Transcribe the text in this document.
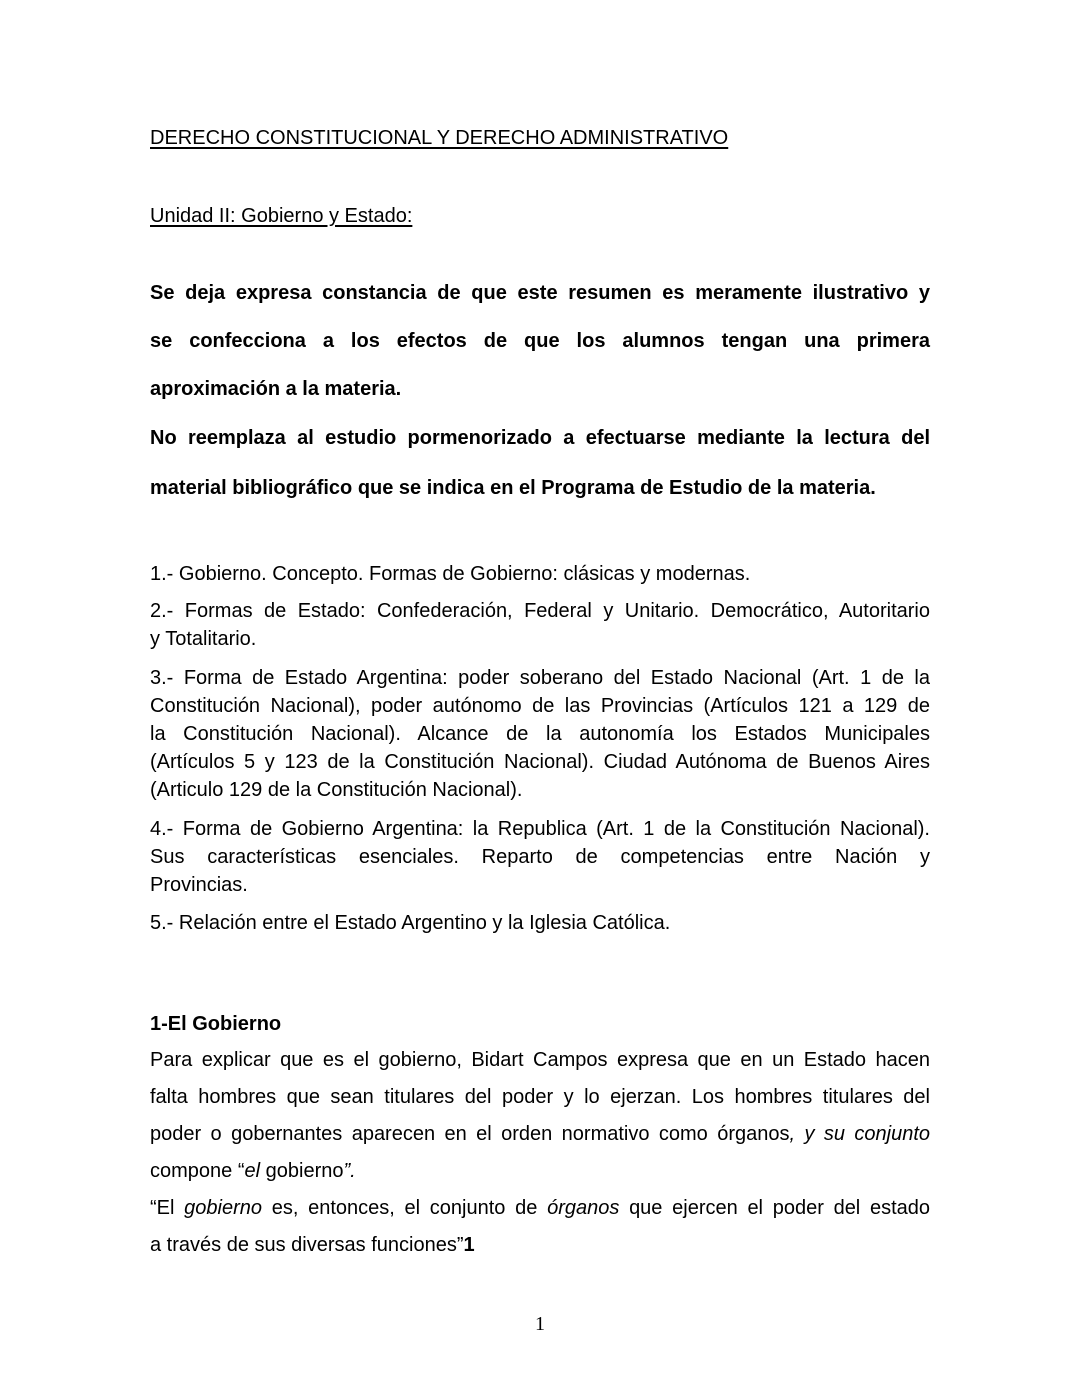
DERECHO CONSTITUCIONAL Y DERECHO ADMINISTRATIVO
Unidad II: Gobierno y Estado:
Se deja expresa constancia de que este resumen es meramente ilustrativo y
se confecciona a los efectos de que los alumnos tengan una primera
aproximación a la materia.
No reemplaza al estudio pormenorizado a efectuarse mediante la lectura del
material bibliográfico que se indica en el Programa de Estudio de la materia.
1.- Gobierno. Concepto. Formas de Gobierno: clásicas y modernas.
2.- Formas de Estado: Confederación, Federal y Unitario. Democrático, Autoritario
y Totalitario.
3.- Forma de Estado Argentina: poder soberano del Estado Nacional (Art. 1 de la
Constitución Nacional), poder autónomo de las Provincias (Artículos 121 a 129 de
la Constitución Nacional). Alcance de la autonomía los Estados Municipales
(Artículos 5 y 123 de la Constitución Nacional). Ciudad Autónoma de Buenos Aires
(Articulo 129 de la Constitución Nacional).
4.- Forma de Gobierno Argentina: la Republica (Art. 1 de la Constitución Nacional).
Sus características esenciales. Reparto de competencias entre Nación y
Provincias.
5.- Relación entre el Estado Argentino y la Iglesia Católica.
1-El Gobierno
Para explicar que es el gobierno, Bidart Campos expresa que en un Estado hacen
falta hombres que sean titulares del poder y lo ejerzan. Los hombres titulares del
poder o gobernantes aparecen en el orden normativo como órganos, y su conjunto
compone “el gobierno”.
“El gobierno es, entonces, el conjunto de órganos que ejercen el poder del estado
a través de sus diversas funciones”1
1
